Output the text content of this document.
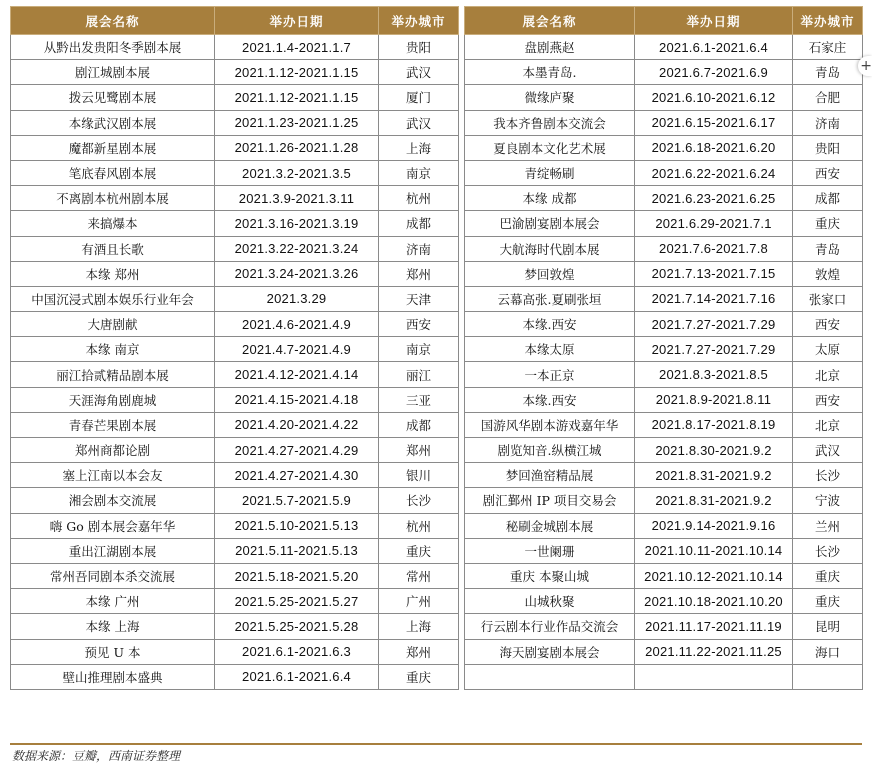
展会名称	举办日期	举办城市		展会名称	举办日期	举办城市
从黔出发贵阳冬季剧本展	2021.1.4-2021.1.7	贵阳		盘剧燕赵	2021.6.1-2021.6.4	石家庄
剧江城剧本展	2021.1.12-2021.1.15	武汉		本墨青岛.	2021.6.7-2021.6.9	青岛
拨云见鹭剧本展	2021.1.12-2021.1.15	厦门		微缘庐聚	2021.6.10-2021.6.12	合肥
本缘武汉剧本展	2021.1.23-2021.1.25	武汉		我本齐鲁剧本交流会	2021.6.15-2021.6.17	济南
魔都新星剧本展	2021.1.26-2021.1.28	上海		夏良剧本文化艺术展	2021.6.18-2021.6.20	贵阳
笔底春风剧本展	2021.3.2-2021.3.5	南京		青绽畅刷	2021.6.22-2021.6.24	西安
不离剧本杭州剧本展	2021.3.9-2021.3.11	杭州		本缘 成都	2021.6.23-2021.6.25	成都
来搞爆本	2021.3.16-2021.3.19	成都		巴渝剧宴剧本展会	2021.6.29-2021.7.1	重庆
有酒且长歌	2021.3.22-2021.3.24	济南		大航海时代剧本展	2021.7.6-2021.7.8	青岛
本缘 郑州	2021.3.24-2021.3.26	郑州		梦回敦煌	2021.7.13-2021.7.15	敦煌
中国沉浸式剧本娱乐行业年会	2021.3.29	天津		云幕高张.夏刷张垣	2021.7.14-2021.7.16	张家口
大唐剧献	2021.4.6-2021.4.9	西安		本缘.西安	2021.7.27-2021.7.29	西安
本缘 南京	2021.4.7-2021.4.9	南京		本缘太原	2021.7.27-2021.7.29	太原
丽江拾贰精品剧本展	2021.4.12-2021.4.14	丽江		一本正京	2021.8.3-2021.8.5	北京
天涯海角剧鹿城	2021.4.15-2021.4.18	三亚		本缘.西安	2021.8.9-2021.8.11	西安
青春芒果剧本展	2021.4.20-2021.4.22	成都		国游风华剧本游戏嘉年华	2021.8.17-2021.8.19	北京
郑州商都论剧	2021.4.27-2021.4.29	郑州		剧览知音.纵横江城	2021.8.30-2021.9.2	武汉
塞上江南以本会友	2021.4.27-2021.4.30	银川		梦回渔窑精品展	2021.8.31-2021.9.2	长沙
湘会剧本交流展	2021.5.7-2021.5.9	长沙		剧汇鄞州 IP 项目交易会	2021.8.31-2021.9.2	宁波
嗨 Go 剧本展会嘉年华	2021.5.10-2021.5.13	杭州		秘刷金城剧本展	2021.9.14-2021.9.16	兰州
重出江湖剧本展	2021.5.11-2021.5.13	重庆		一世阑珊	2021.10.11-2021.10.14	长沙
常州吾同剧本杀交流展	2021.5.18-2021.5.20	常州		重庆 本聚山城	2021.10.12-2021.10.14	重庆
本缘 广州	2021.5.25-2021.5.27	广州		山城秋聚	2021.10.18-2021.10.20	重庆
本缘 上海	2021.5.25-2021.5.28	上海		行云剧本行业作品交流会	2021.11.17-2021.11.19	昆明
预见 U 本	2021.6.1-2021.6.3	郑州		海天剧宴剧本展会	2021.11.22-2021.11.25	海口
壁山推理剧本盛典	2021.6.1-2021.6.4	重庆				
数据来源：豆瓣，西南证券整理
+
